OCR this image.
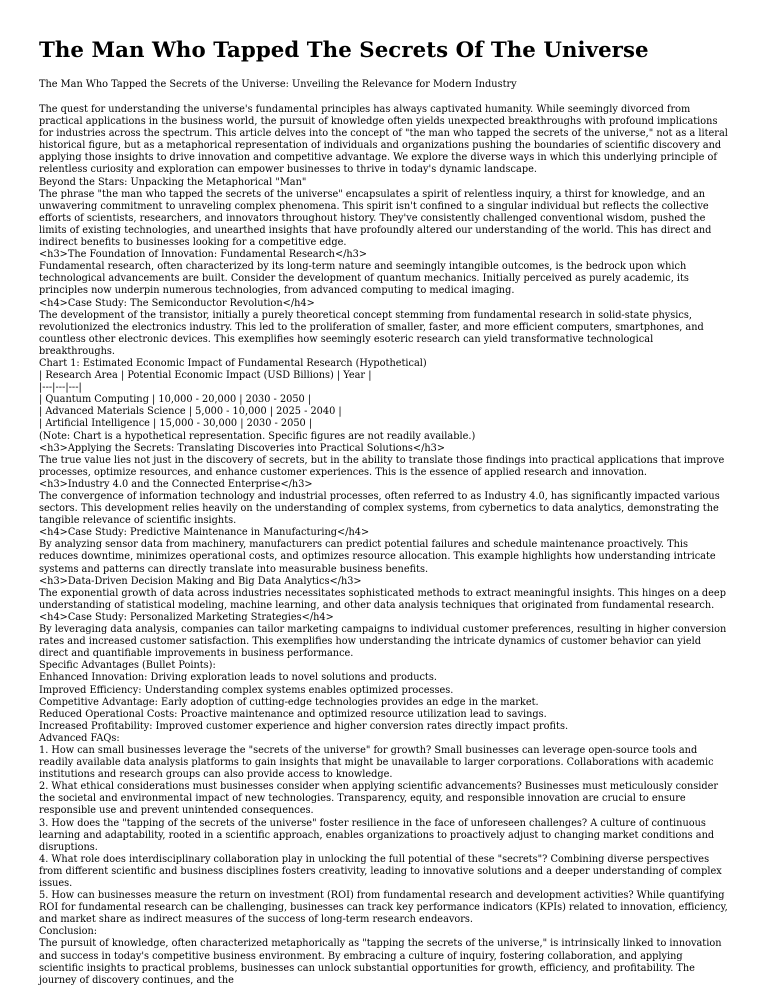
The Man Who Tapped The Secrets Of The Universe

The Man Who Tapped the Secrets of the Universe: Unveiling the Relevance for Modern Industry

The quest for understanding the universe's fundamental principles has always captivated humanity. While seemingly divorced from practical applications in the business world, the pursuit of knowledge often yields unexpected breakthroughs with profound implications for industries across the spectrum. This article delves into the concept of "the man who tapped the secrets of the universe," not as a literal historical figure, but as a metaphorical representation of individuals and organizations pushing the boundaries of scientific discovery and applying those insights to drive innovation and competitive advantage. We explore the diverse ways in which this underlying principle of relentless curiosity and exploration can empower businesses to thrive in today's dynamic landscape.
Beyond the Stars: Unpacking the Metaphorical "Man"
The phrase "the man who tapped the secrets of the universe" encapsulates a spirit of relentless inquiry, a thirst for knowledge, and an unwavering commitment to unraveling complex phenomena. This spirit isn't confined to a singular individual but reflects the collective efforts of scientists, researchers, and innovators throughout history. They've consistently challenged conventional wisdom, pushed the limits of existing technologies, and unearthed insights that have profoundly altered our understanding of the world. This has direct and indirect benefits to businesses looking for a competitive edge.
<h3>The Foundation of Innovation: Fundamental Research</h3>
Fundamental research, often characterized by its long-term nature and seemingly intangible outcomes, is the bedrock upon which technological advancements are built. Consider the development of quantum mechanics. Initially perceived as purely academic, its principles now underpin numerous technologies, from advanced computing to medical imaging.
<h4>Case Study: The Semiconductor Revolution</h4>
The development of the transistor, initially a purely theoretical concept stemming from fundamental research in solid-state physics, revolutionized the electronics industry. This led to the proliferation of smaller, faster, and more efficient computers, smartphones, and countless other electronic devices. This exemplifies how seemingly esoteric research can yield transformative technological breakthroughs.
Chart 1: Estimated Economic Impact of Fundamental Research (Hypothetical)
| Research Area | Potential Economic Impact (USD Billions) | Year |
|---|---|---|
| Quantum Computing | 10,000 - 20,000 | 2030 - 2050 |
| Advanced Materials Science | 5,000 - 10,000 | 2025 - 2040 |
| Artificial Intelligence | 15,000 - 30,000 | 2030 - 2050 |
(Note: Chart is a hypothetical representation. Specific figures are not readily available.)
<h3>Applying the Secrets: Translating Discoveries into Practical Solutions</h3>
The true value lies not just in the discovery of secrets, but in the ability to translate those findings into practical applications that improve processes, optimize resources, and enhance customer experiences. This is the essence of applied research and innovation.
<h3>Industry 4.0 and the Connected Enterprise</h3>
The convergence of information technology and industrial processes, often referred to as Industry 4.0, has significantly impacted various sectors. This development relies heavily on the understanding of complex systems, from cybernetics to data analytics, demonstrating the tangible relevance of scientific insights.
<h4>Case Study: Predictive Maintenance in Manufacturing</h4>
By analyzing sensor data from machinery, manufacturers can predict potential failures and schedule maintenance proactively. This reduces downtime, minimizes operational costs, and optimizes resource allocation. This example highlights how understanding intricate systems and patterns can directly translate into measurable business benefits.
<h3>Data-Driven Decision Making and Big Data Analytics</h3>
The exponential growth of data across industries necessitates sophisticated methods to extract meaningful insights. This hinges on a deep understanding of statistical modeling, machine learning, and other data analysis techniques that originated from fundamental research.
<h4>Case Study: Personalized Marketing Strategies</h4>
By leveraging data analysis, companies can tailor marketing campaigns to individual customer preferences, resulting in higher conversion rates and increased customer satisfaction. This exemplifies how understanding the intricate dynamics of customer behavior can yield direct and quantifiable improvements in business performance.
Specific Advantages (Bullet Points):
Enhanced Innovation: Driving exploration leads to novel solutions and products.
Improved Efficiency: Understanding complex systems enables optimized processes.
Competitive Advantage: Early adoption of cutting-edge technologies provides an edge in the market.
Reduced Operational Costs: Proactive maintenance and optimized resource utilization lead to savings.
Increased Profitability: Improved customer experience and higher conversion rates directly impact profits.
Advanced FAQs:
1. How can small businesses leverage the "secrets of the universe" for growth? Small businesses can leverage open-source tools and readily available data analysis platforms to gain insights that might be unavailable to larger corporations. Collaborations with academic institutions and research groups can also provide access to knowledge.
2. What ethical considerations must businesses consider when applying scientific advancements? Businesses must meticulously consider the societal and environmental impact of new technologies. Transparency, equity, and responsible innovation are crucial to ensure responsible use and prevent unintended consequences.
3. How does the "tapping of the secrets of the universe" foster resilience in the face of unforeseen challenges? A culture of continuous learning and adaptability, rooted in a scientific approach, enables organizations to proactively adjust to changing market conditions and disruptions.
4. What role does interdisciplinary collaboration play in unlocking the full potential of these "secrets"? Combining diverse perspectives from different scientific and business disciplines fosters creativity, leading to innovative solutions and a deeper understanding of complex issues.
5. How can businesses measure the return on investment (ROI) from fundamental research and development activities? While quantifying ROI for fundamental research can be challenging, businesses can track key performance indicators (KPIs) related to innovation, efficiency, and market share as indirect measures of the success of long-term research endeavors.
Conclusion:
The pursuit of knowledge, often characterized metaphorically as "tapping the secrets of the universe," is intrinsically linked to innovation and success in today's competitive business environment. By embracing a culture of inquiry, fostering collaboration, and applying scientific insights to practical problems, businesses can unlock substantial opportunities for growth, efficiency, and profitability. The journey of discovery continues, and the
